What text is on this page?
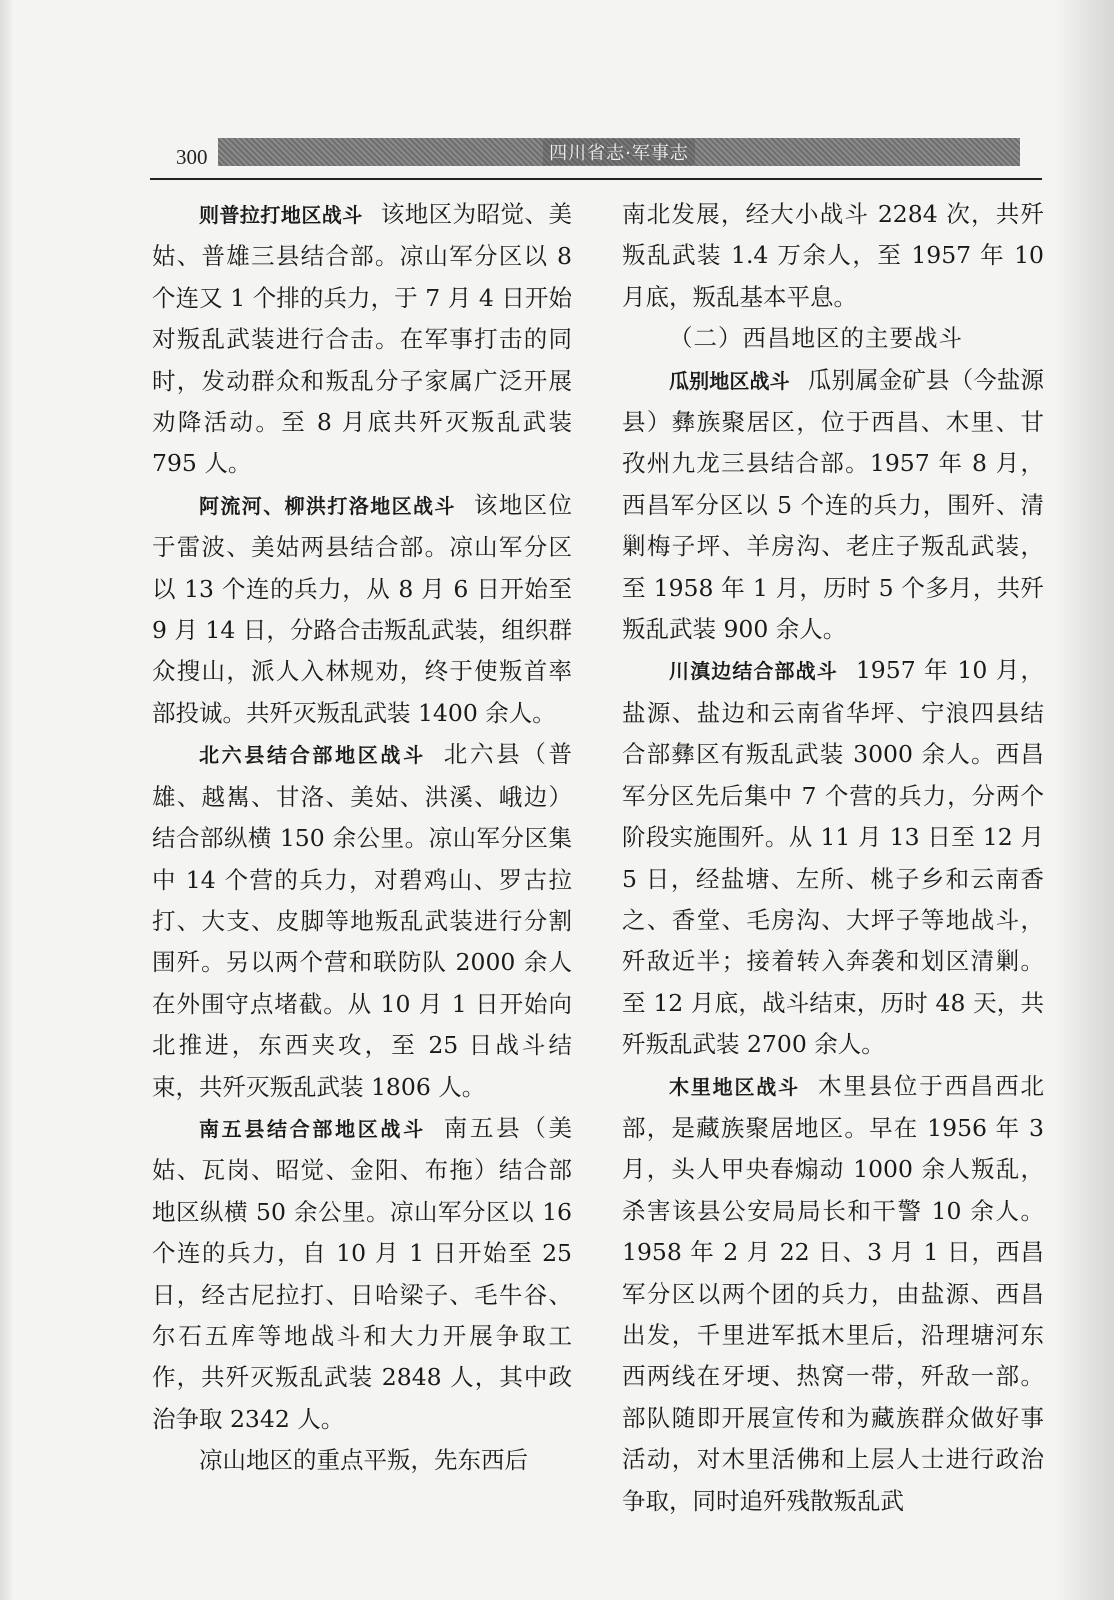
300	四川省志·军事志

则普拉打地区战斗 该地区为昭觉、美姑、普雄三县结合部。凉山军分区以 8 个连又 1 个排的兵力，于 7 月 4 日开始对叛乱武装进行合击。在军事打击的同时，发动群众和叛乱分子家属广泛开展劝降活动。至 8 月底共歼灭叛乱武装 795 人。

阿流河、柳洪打洛地区战斗 该地区位于雷波、美姑两县结合部。凉山军分区以 13 个连的兵力，从 8 月 6 日开始至 9 月 14 日，分路合击叛乱武装，组织群众搜山，派人入林规劝，终于使叛首率部投诚。共歼灭叛乱武装 1400 余人。

北六县结合部地区战斗 北六县（普雄、越嶲、甘洛、美姑、洪溪、峨边）结合部纵横 150 余公里。凉山军分区集中 14 个营的兵力，对碧鸡山、罗古拉打、大支、皮脚等地叛乱武装进行分割围歼。另以两个营和联防队 2000 余人在外围守点堵截。从 10 月 1 日开始向北推进，东西夹攻，至 25 日战斗结束，共歼灭叛乱武装 1806 人。

南五县结合部地区战斗 南五县（美姑、瓦岗、昭觉、金阳、布拖）结合部地区纵横 50 余公里。凉山军分区以 16 个连的兵力，自 10 月 1 日开始至 25 日，经古尼拉打、日哈梁子、毛牛谷、尔石五库等地战斗和大力开展争取工作，共歼灭叛乱武装 2848 人，其中政治争取 2342 人。

凉山地区的重点平叛，先东西后

南北发展，经大小战斗 2284 次，共歼叛乱武装 1.4 万余人，至 1957 年 10 月底，叛乱基本平息。

（二）西昌地区的主要战斗

瓜别地区战斗 瓜别属金矿县（今盐源县）彝族聚居区，位于西昌、木里、甘孜州九龙三县结合部。1957 年 8 月，西昌军分区以 5 个连的兵力，围歼、清剿梅子坪、羊房沟、老庄子叛乱武装，至 1958 年 1 月，历时 5 个多月，共歼叛乱武装 900 余人。

川滇边结合部战斗 1957 年 10 月，盐源、盐边和云南省华坪、宁浪四县结合部彝区有叛乱武装 3000 余人。西昌军分区先后集中 7 个营的兵力，分两个阶段实施围歼。从 11 月 13 日至 12 月 5 日，经盐塘、左所、桃子乡和云南香之、香堂、毛房沟、大坪子等地战斗，歼敌近半；接着转入奔袭和划区清剿。至 12 月底，战斗结束，历时 48 天，共歼叛乱武装 2700 余人。

木里地区战斗 木里县位于西昌西北部，是藏族聚居地区。早在 1956 年 3 月，头人甲央春煽动 1000 余人叛乱，杀害该县公安局局长和干警 10 余人。1958 年 2 月 22 日、3 月 1 日，西昌军分区以两个团的兵力，由盐源、西昌出发，千里进军抵木里后，沿理塘河东西两线在牙埂、热窝一带，歼敌一部。部队随即开展宣传和为藏族群众做好事活动，对木里活佛和上层人士进行政治争取，同时追歼残散叛乱武
